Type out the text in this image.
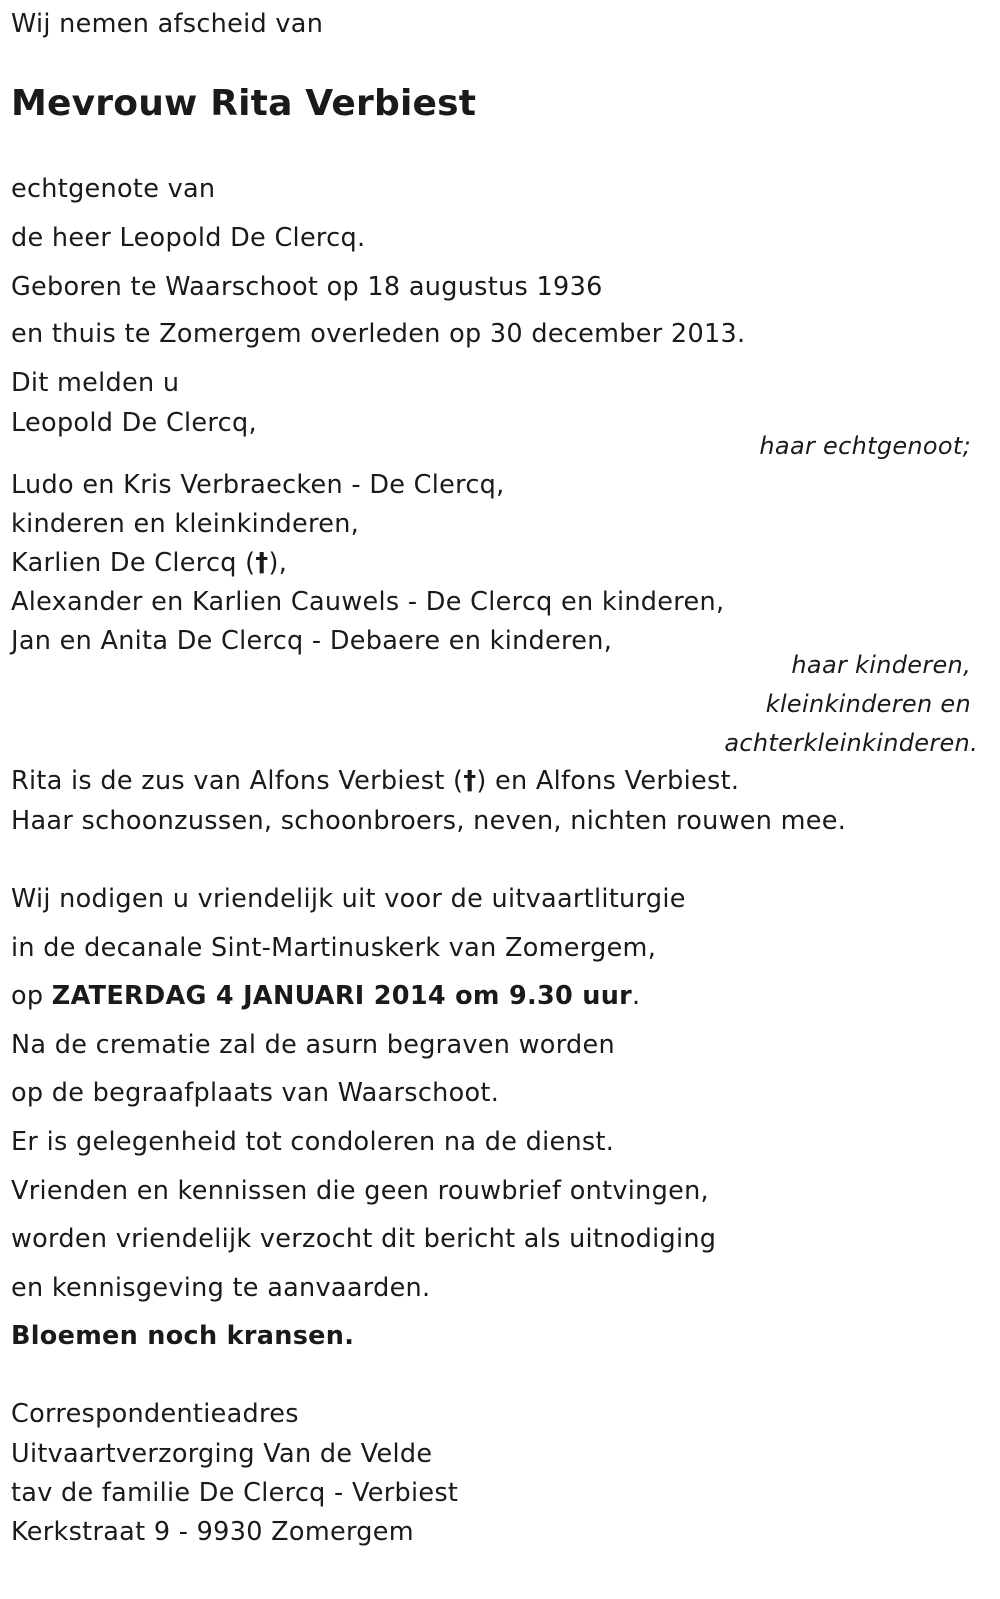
Wij nemen afscheid van
Mevrouw Rita Verbiest
echtgenote van
de heer Leopold De Clercq.
Geboren te Waarschoot op 18 augustus 1936
en thuis te Zomergem overleden op 30 december 2013.
Dit melden u
Leopold De Clercq,
haar echtgenoot;
Ludo en Kris Verbraecken - De Clercq,
kinderen en kleinkinderen,
Karlien De Clercq (†),
Alexander en Karlien Cauwels - De Clercq en kinderen,
Jan en Anita De Clercq - Debaere en kinderen,
haar kinderen,
kleinkinderen en
achterkleinkinderen.
Rita is de zus van Alfons Verbiest (†) en Alfons Verbiest.
Haar schoonzussen, schoonbroers, neven, nichten rouwen mee.
Wij nodigen u vriendelijk uit voor de uitvaartliturgie
in de decanale Sint-Martinuskerk van Zomergem,
op ZATERDAG 4 JANUARI 2014 om 9.30 uur.
Na de crematie zal de asurn begraven worden
op de begraafplaats van Waarschoot.
Er is gelegenheid tot condoleren na de dienst.
Vrienden en kennissen die geen rouwbrief ontvingen,
worden vriendelijk verzocht dit bericht als uitnodiging
en kennisgeving te aanvaarden.
Bloemen noch kransen.
Correspondentieadres
Uitvaartverzorging Van de Velde
tav de familie De Clercq - Verbiest
Kerkstraat 9 - 9930 Zomergem
